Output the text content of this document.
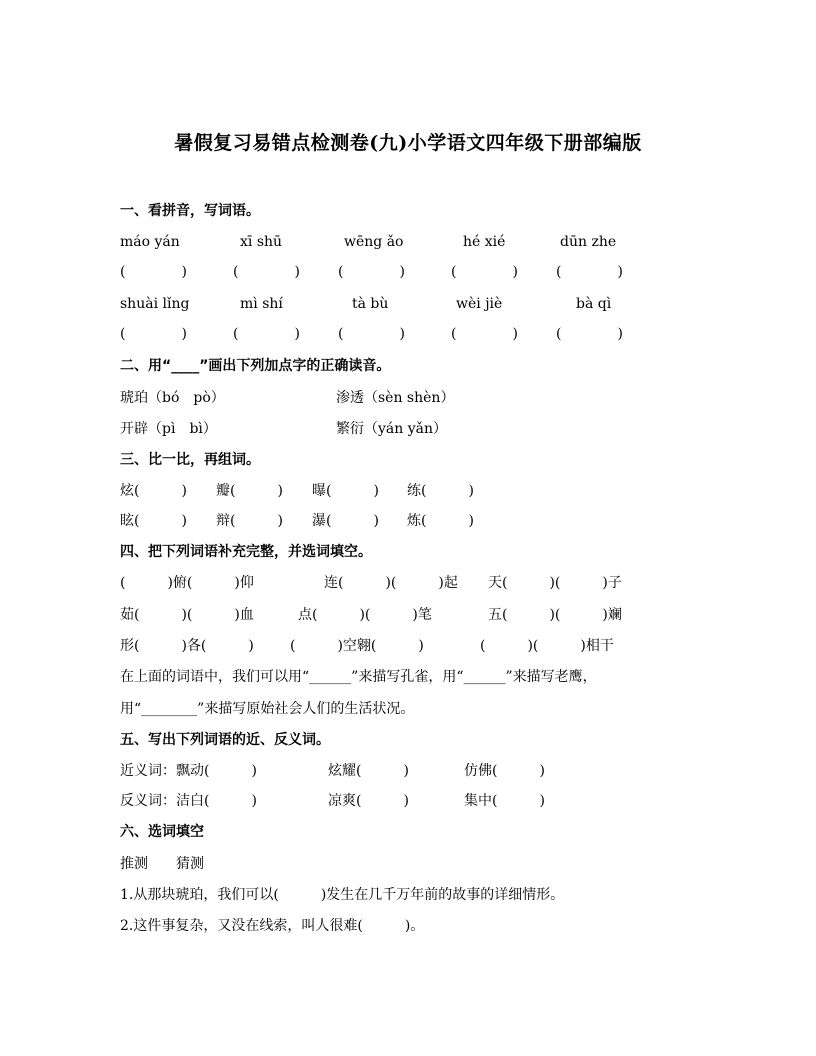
暑假复习易错点检测卷(九)小学语文四年级下册部编版
一、看拼音，写词语。
máo yán	xī shū	wēng ǎo	hé xié	dūn zhe
(　　　　)	(　　　　)	(　　　　)	(　　　　)	(　　　　)
shuài lǐng	mì shí	tà bù	wèi jiè	bà qì
(　　　　)	(　　　　)	(　　　　)	(　　　　)	(　　　　)
二、用“____”画出下列加点字的正确读音。
琥珀（bó　pò）	渗透（sèn shèn）
开辟（pì　bì）	繁衍（yán yǎn）
三、比一比，再组词。
炫(　　　) 瓣(　　　) 曝(　　　) 练(　　　)
眩(　　　) 辩(　　　) 瀑(　　　) 炼(　　　)
四、把下列词语补充完整，并选词填空。
(　　　)俯(　　　)仰	连(　　　)(　　　)起 天(　　　)(　　　)子
茹(　　　)(　　　)血	点(　　　)(　　　)笔	五(　　　)(　　　)斓
形(　　　)各(　　　)	(　　　)空翱(　　　)	(　　　)(　　　)相干
在上面的词语中，我们可以用“______”来描写孔雀，用“______”来描写老鹰，
用“________”来描写原始社会人们的生活状况。
五、写出下列词语的近、反义词。
近义词：飘动(　　　)	炫耀(　　　)	仿佛(　　　)
反义词：洁白(　　　)	凉爽(　　　)	集中(　　　)
六、选词填空
推测　　猜测
1.从那块琥珀，我们可以(　　　)发生在几千万年前的故事的详细情形。
2.这件事复杂，又没在线索，叫人很难(　　　)。
